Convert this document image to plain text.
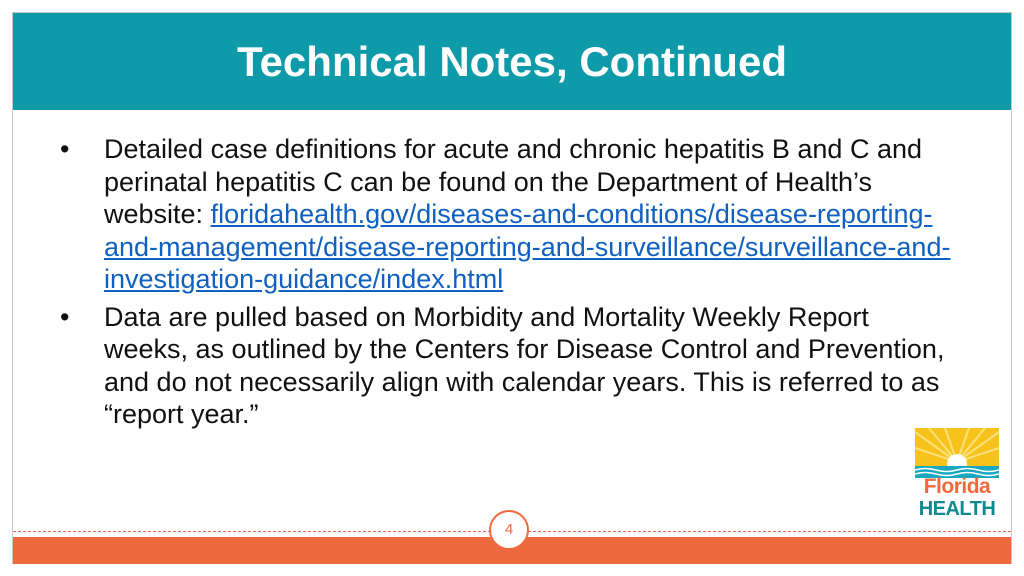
Technical Notes, Continued
•	Detailed case definitions for acute and chronic hepatitis B and C and perinatal hepatitis C can be found on the Department of Health’s website: floridahealth.gov/diseases-and-conditions/disease-reporting-and-management/disease-reporting-and-surveillance/surveillance-and-investigation-guidance/index.html
•	Data are pulled based on Morbidity and Mortality Weekly Report weeks, as outlined by the Centers for Disease Control and Prevention, and do not necessarily align with calendar years. This is referred to as “report year.”

Florida

HEALTH

4
